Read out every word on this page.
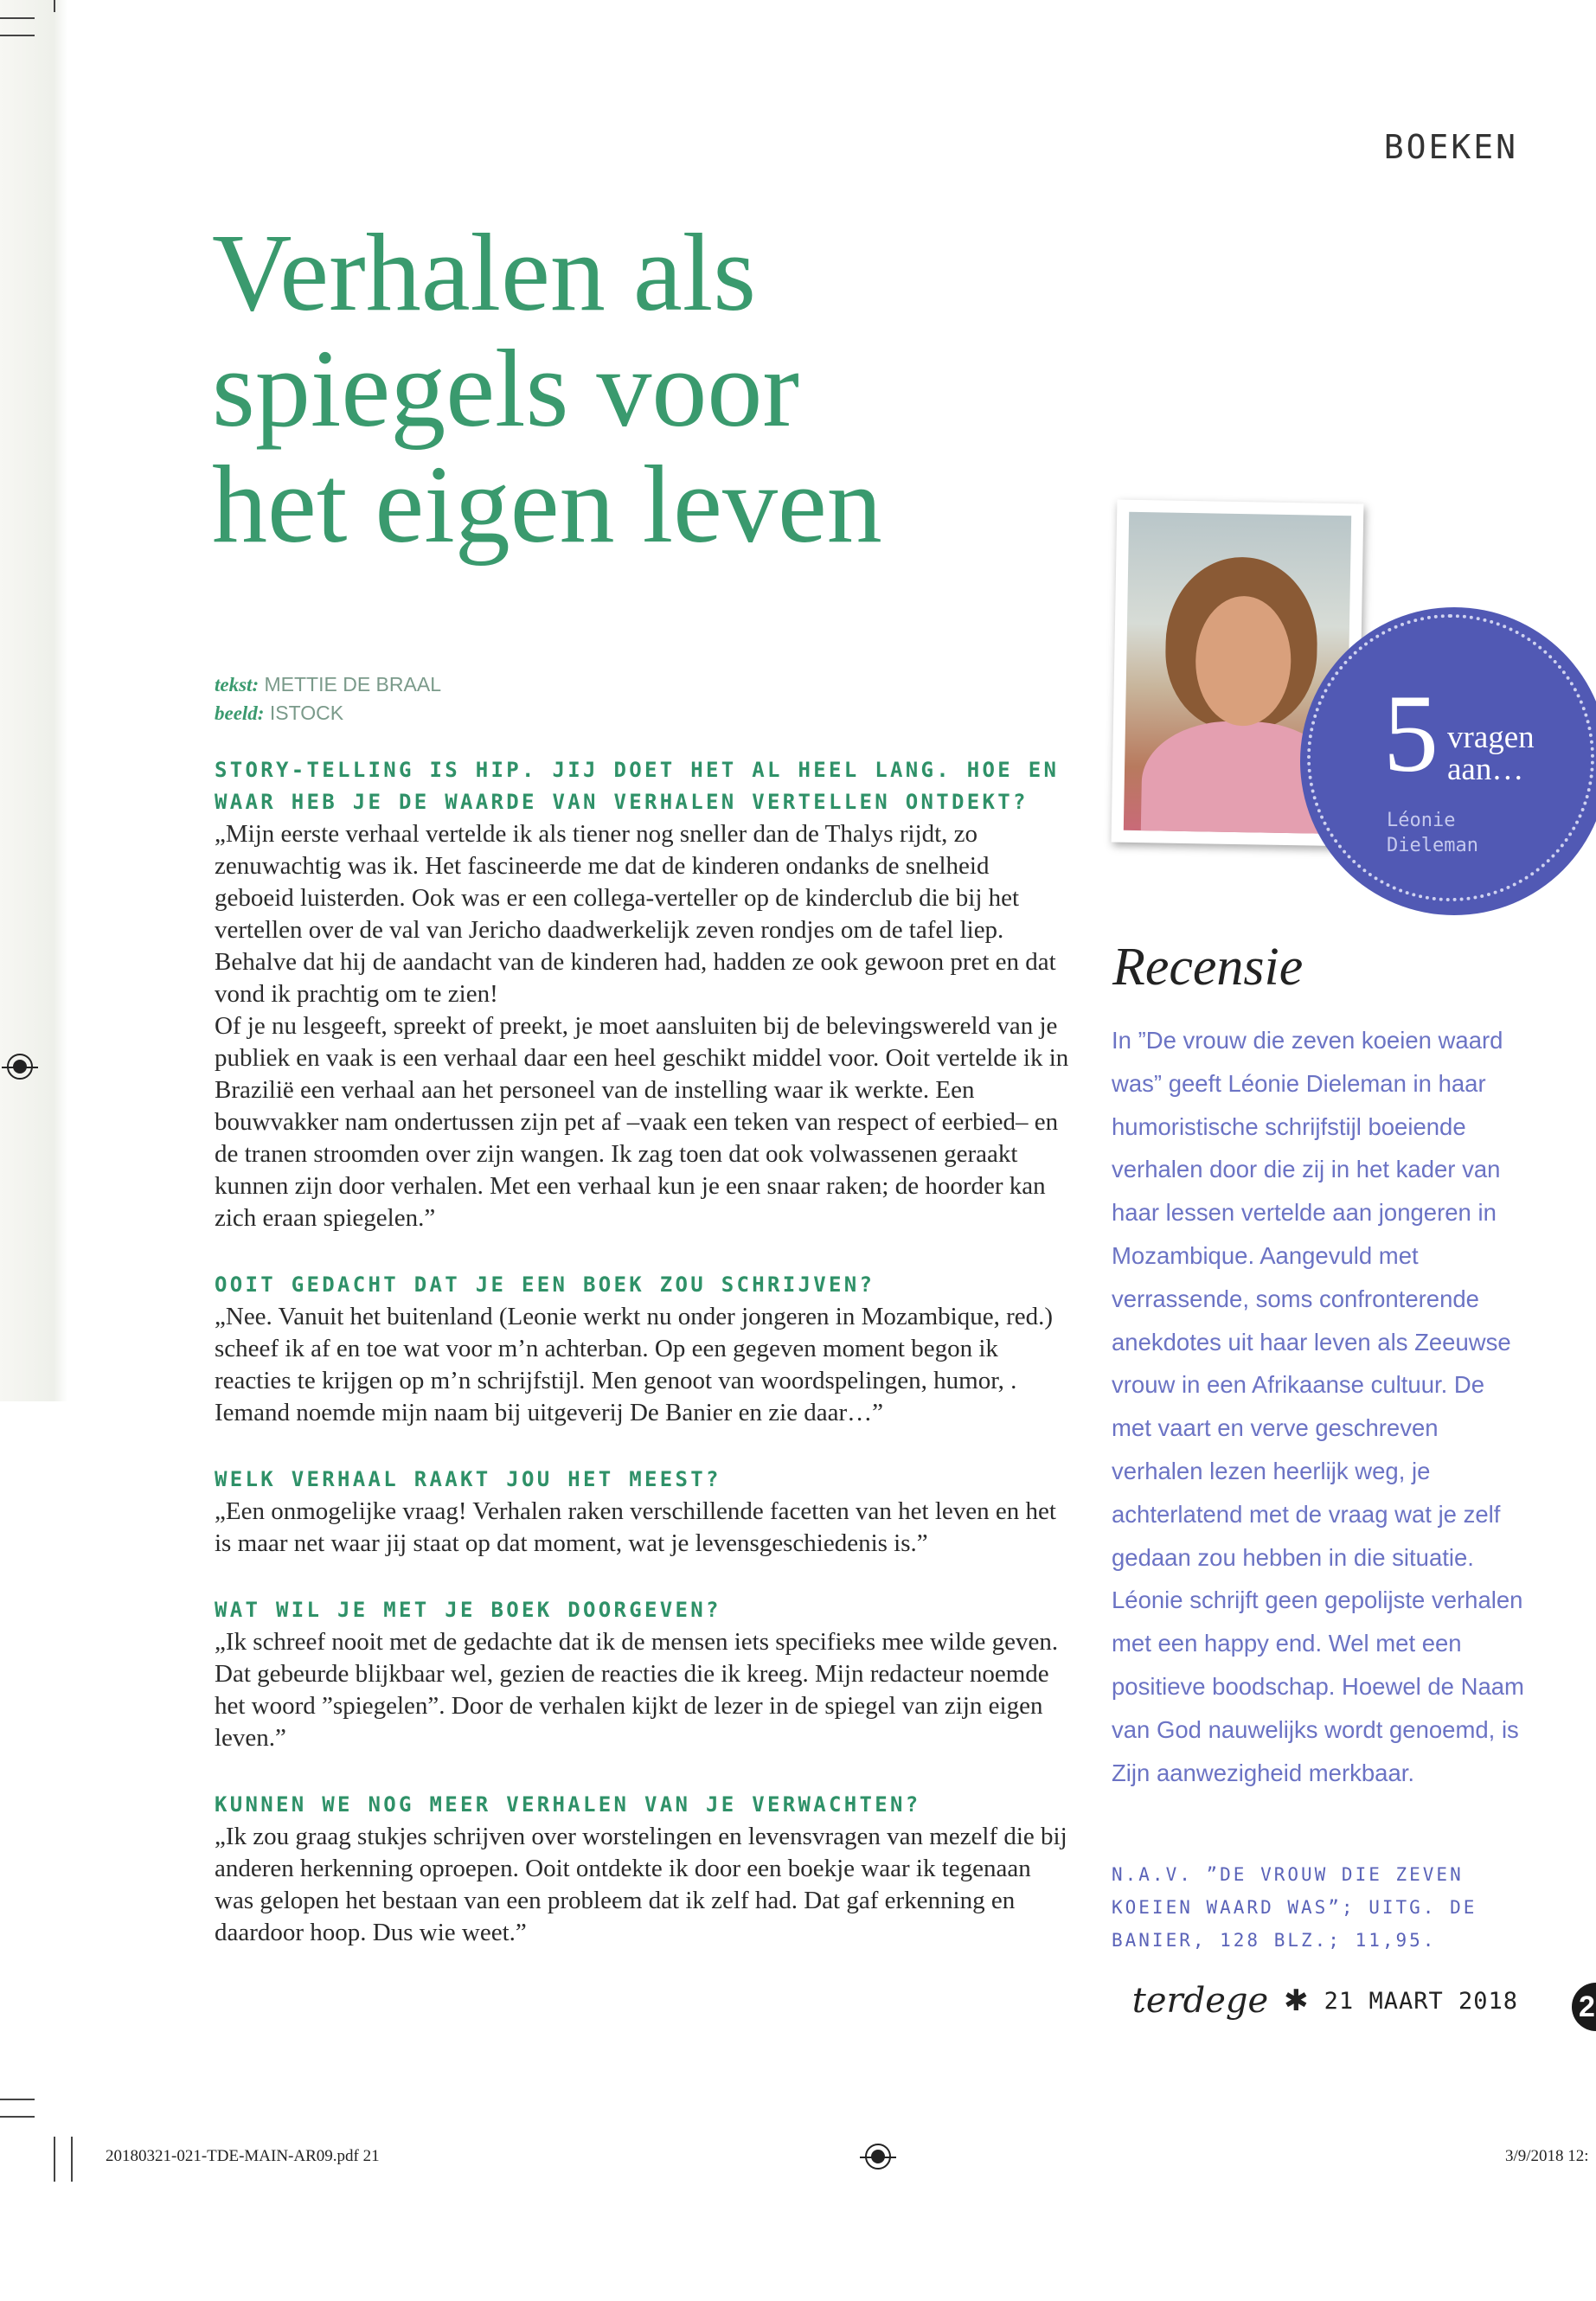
BOEKEN
Verhalen als
spiegels voor
het eigen leven
tekst: METTIE DE BRAAL
beeld: ISTOCK

STORY-TELLING IS HIP. JIJ DOET HET AL HEEL LANG. HOE EN WAAR HEB JE DE WAARDE VAN VERHALEN VERTELLEN ONTDEKT?

„Mijn eerste verhaal vertelde ik als tiener nog sneller dan de Thalys rijdt, zo zenuwachtig was ik. Het fascineerde me dat de kinderen ondanks de snelheid geboeid luisterden. Ook was er een collega-verteller op de kinderclub die bij het vertellen over de val van Jericho daadwerkelijk zeven rondjes om de tafel liep. Behalve dat hij de aandacht van de kinderen had, hadden ze ook gewoon pret en dat vond ik prachtig om te zien!

Of je nu lesgeeft, spreekt of preekt, je moet aansluiten bij de belevingswereld van je publiek en vaak is een verhaal daar een heel geschikt middel voor. Ooit vertelde ik in Brazilië een verhaal aan het personeel van de instelling waar ik werkte. Een bouwvakker nam ondertussen zijn pet af –vaak een teken van respect of eerbied– en de tranen stroomden over zijn wangen. Ik zag toen dat ook volwassenen geraakt kunnen zijn door verhalen. Met een verhaal kun je een snaar raken; de hoorder kan zich eraan spiegelen.”

OOIT GEDACHT DAT JE EEN BOEK ZOU SCHRIJVEN?

„Nee. Vanuit het buitenland (Leonie werkt nu onder jongeren in Mozambique, red.) scheef ik af en toe wat voor m’n achterban. Op een gegeven moment begon ik reacties te krijgen op m’n schrijfstijl. Men genoot van woordspelingen, humor, . Iemand noemde mijn naam bij uitgeverij De Banier en zie daar…”

WELK VERHAAL RAAKT JOU HET MEEST?

„Een onmogelijke vraag! Verhalen raken verschillende facetten van het leven en het is maar net waar jij staat op dat moment, wat je levensgeschiedenis is.”

WAT WIL JE MET JE BOEK DOORGEVEN?

„Ik schreef nooit met de gedachte dat ik de mensen iets specifieks mee wilde geven. Dat gebeurde blijkbaar wel, gezien de reacties die ik kreeg. Mijn redacteur noemde het woord ”spiegelen”. Door de verhalen kijkt de lezer in de spiegel van zijn eigen leven.”

KUNNEN WE NOG MEER VERHALEN VAN JE VERWACHTEN?

„Ik zou graag stukjes schrijven over worstelingen en levensvragen van mezelf die bij anderen herkenning oproepen. Ooit ontdekte ik door een boekje waar ik tegenaan was gelopen het bestaan van een probleem dat ik zelf had. Dat gaf erkenning en daardoor hoop. Dus wie weet.”

5 vragen
aan…
Léonie
Dieleman
Recensie

In ”De vrouw die zeven koeien waard was” geeft Léonie Dieleman in haar humoristische schrijfstijl boeiende verhalen door die zij in het kader van haar lessen vertelde aan jongeren in Mozambique. Aangevuld met verrassende, soms confronterende anekdotes uit haar leven als Zeeuwse vrouw in een Afrikaanse cultuur. De met vaart en verve geschreven verhalen lezen heerlijk weg, je achterlatend met de vraag wat je zelf gedaan zou hebben in die situatie. Léonie schrijft geen gepolijste verhalen met een happy end. Wel met een positieve boodschap. Hoewel de Naam van God nauwelijks wordt genoemd, is Zijn aanwezigheid merkbaar.

N.A.V. ”DE VROUW DIE ZEVEN KOEIEN WAARD WAS”; UITG. DE BANIER, 128 BLZ.; 11,95.

terdege ✱ 21 MAART 2018 2
20180321-021-TDE-MAIN-AR09.pdf 21	3/9/2018 12:
